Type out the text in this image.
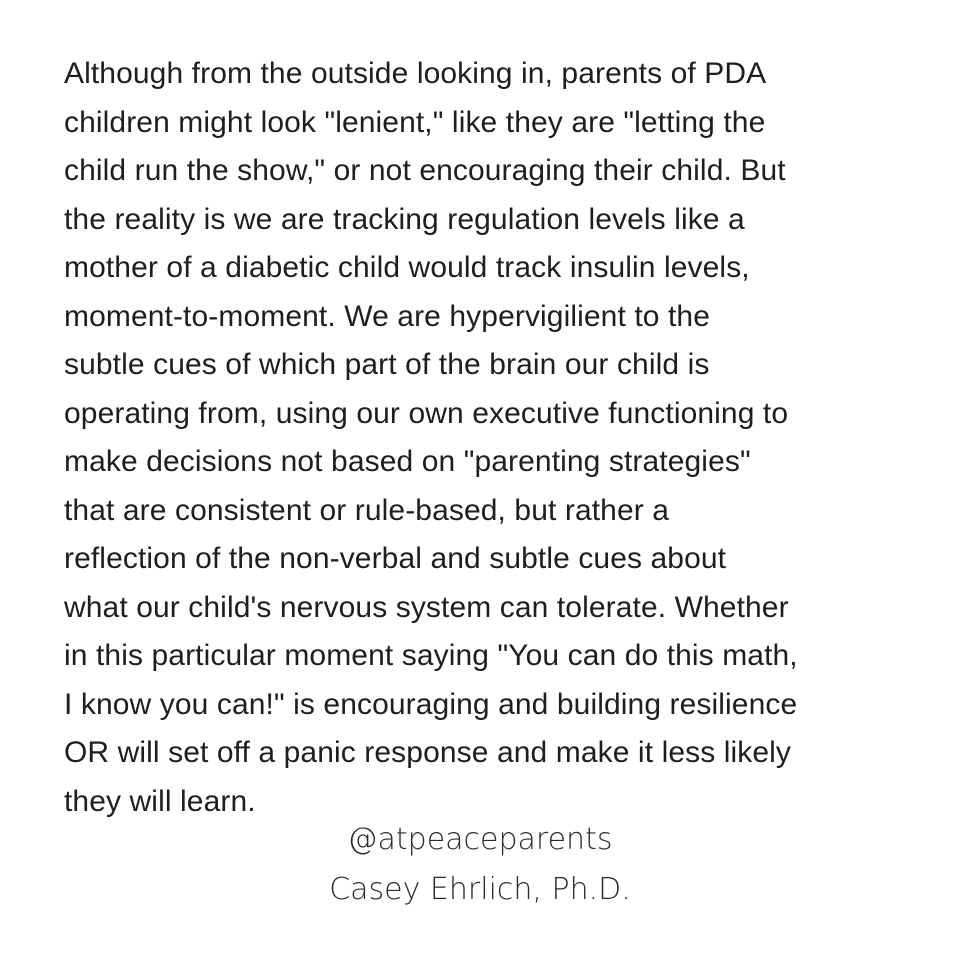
Although from the outside looking in, parents of PDA
children might look "lenient," like they are "letting the
child run the show," or not encouraging their child. But
the reality is we are tracking regulation levels like a
mother of a diabetic child would track insulin levels,
moment-to-moment. We are hypervigilient to the
subtle cues of which part of the brain our child is
operating from, using our own executive functioning to
make decisions not based on "parenting strategies"
that are consistent or rule-based, but rather a
reflection of the non-verbal and subtle cues about
what our child's nervous system can tolerate. Whether
in this particular moment saying "You can do this math,
I know you can!" is encouraging and building resilience
OR will set off a panic response and make it less likely
they will learn.
@atpeaceparents
Casey Ehrlich, Ph.D.
